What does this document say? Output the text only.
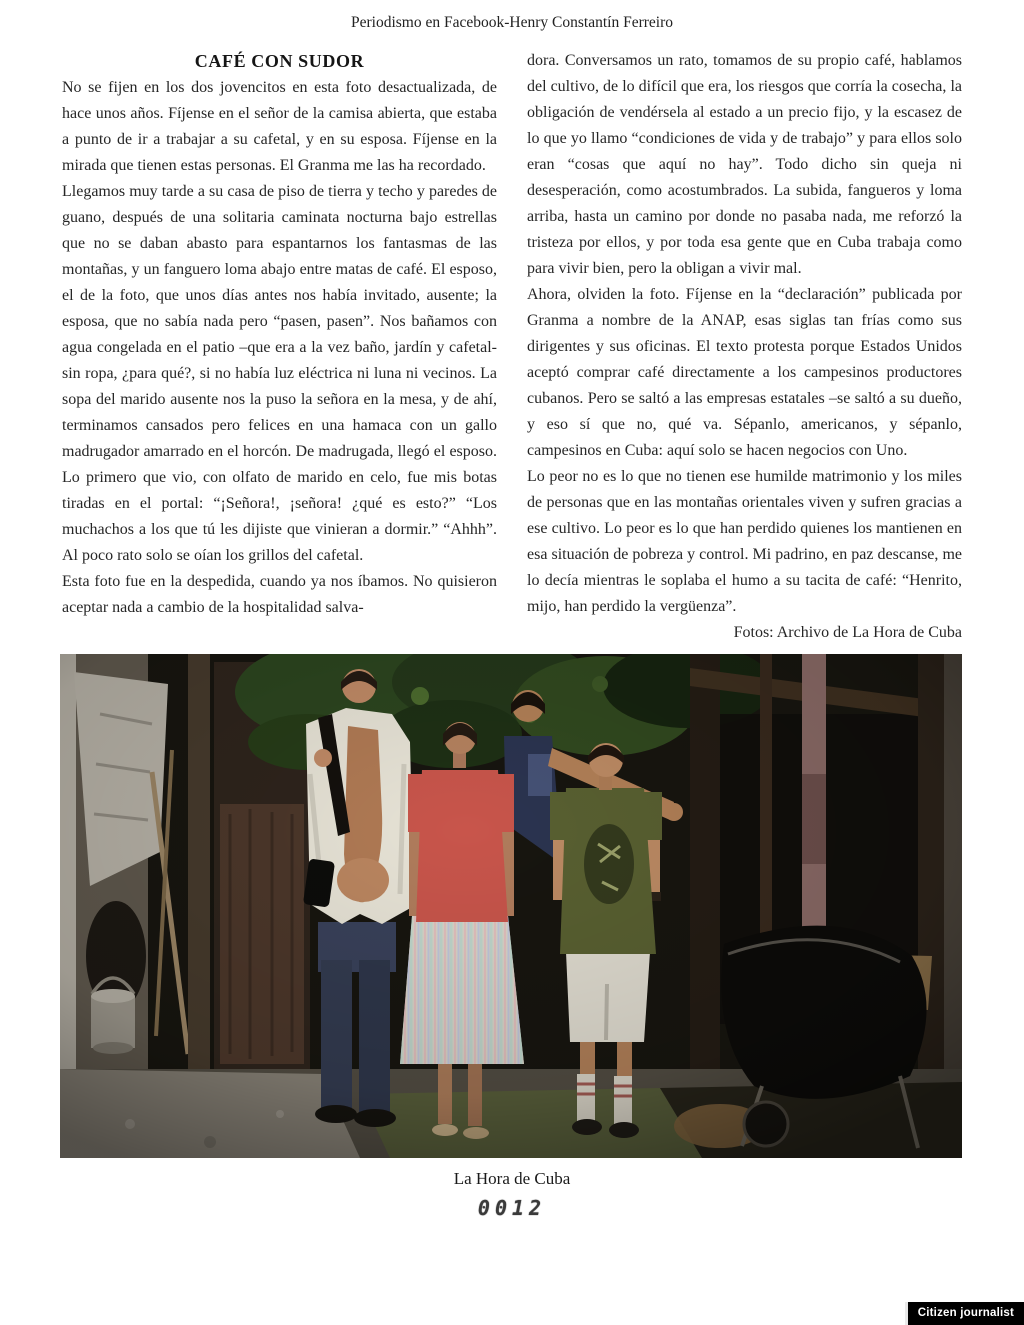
Periodismo en Facebook-Henry Constantín Ferreiro
CAFÉ CON SUDOR

No se fijen en los dos jovencitos en esta foto desactualizada, de hace unos años. Fíjense en el señor de la camisa abierta, que estaba a punto de ir a trabajar a su cafetal, y en su esposa. Fíjense en la mirada que tienen estas personas. El Granma me las ha recordado.

Llegamos muy tarde a su casa de piso de tierra y techo y paredes de guano, después de una solitaria caminata nocturna bajo estrellas que no se daban abasto para espantarnos los fantasmas de las montañas, y un fanguero loma abajo entre matas de café. El esposo, el de la foto, que unos días antes nos había invitado, ausente; la esposa, que no sabía nada pero “pasen, pasen”. Nos bañamos con agua congelada en el patio –que era a la vez baño, jardín y cafetal- sin ropa, ¿para qué?, si no había luz eléctrica ni luna ni vecinos. La sopa del marido ausente nos la puso la señora en la mesa, y de ahí, terminamos cansados pero felices en una hamaca con un gallo madrugador amarrado en el horcón. De madrugada, llegó el esposo. Lo primero que vio, con olfato de marido en celo, fue mis botas tiradas en el portal: “¡Señora!, ¡señora! ¿qué es esto?” “Los muchachos a los que tú les dijiste que vinieran a dormir.” “Ahhh”. Al poco rato solo se oían los grillos del cafetal.

Esta foto fue en la despedida, cuando ya nos íbamos. No quisieron aceptar nada a cambio de la hospitalidad salva-

dora. Conversamos un rato, tomamos de su propio café, hablamos del cultivo, de lo difícil que era, los riesgos que corría la cosecha, la obligación de vendérsela al estado a un precio fijo, y la escasez de lo que yo llamo “condiciones de vida y de trabajo” y para ellos solo eran “cosas que aquí no hay”. Todo dicho sin queja ni desesperación, como acostumbrados. La subida, fangueros y loma arriba, hasta un camino por donde no pasaba nada, me reforzó la tristeza por ellos, y por toda esa gente que en Cuba trabaja como para vivir bien, pero la obligan a vivir mal.

Ahora, olviden la foto. Fíjense en la “declaración” publicada por Granma a nombre de la ANAP, esas siglas tan frías como sus dirigentes y sus oficinas. El texto protesta porque Estados Unidos aceptó comprar café directamente a los campesinos productores cubanos. Pero se saltó a las empresas estatales –se saltó a su dueño, y eso sí que no, qué va. Sépanlo, americanos, y sépanlo, campesinos en Cuba: aquí solo se hacen negocios con Uno.

Lo peor no es lo que no tienen ese humilde matrimonio y los miles de personas que en las montañas orientales viven y sufren gracias a ese cultivo. Lo peor es lo que han perdido quienes los mantienen en esa situación de pobreza y control. Mi padrino, en paz descanse, me lo decía mientras le soplaba el humo a su tacita de café: “Henrito, mijo, han perdido la vergüenza”.

Fotos: Archivo de La Hora de Cuba

La Hora de Cuba
0012
Citizen journalist
